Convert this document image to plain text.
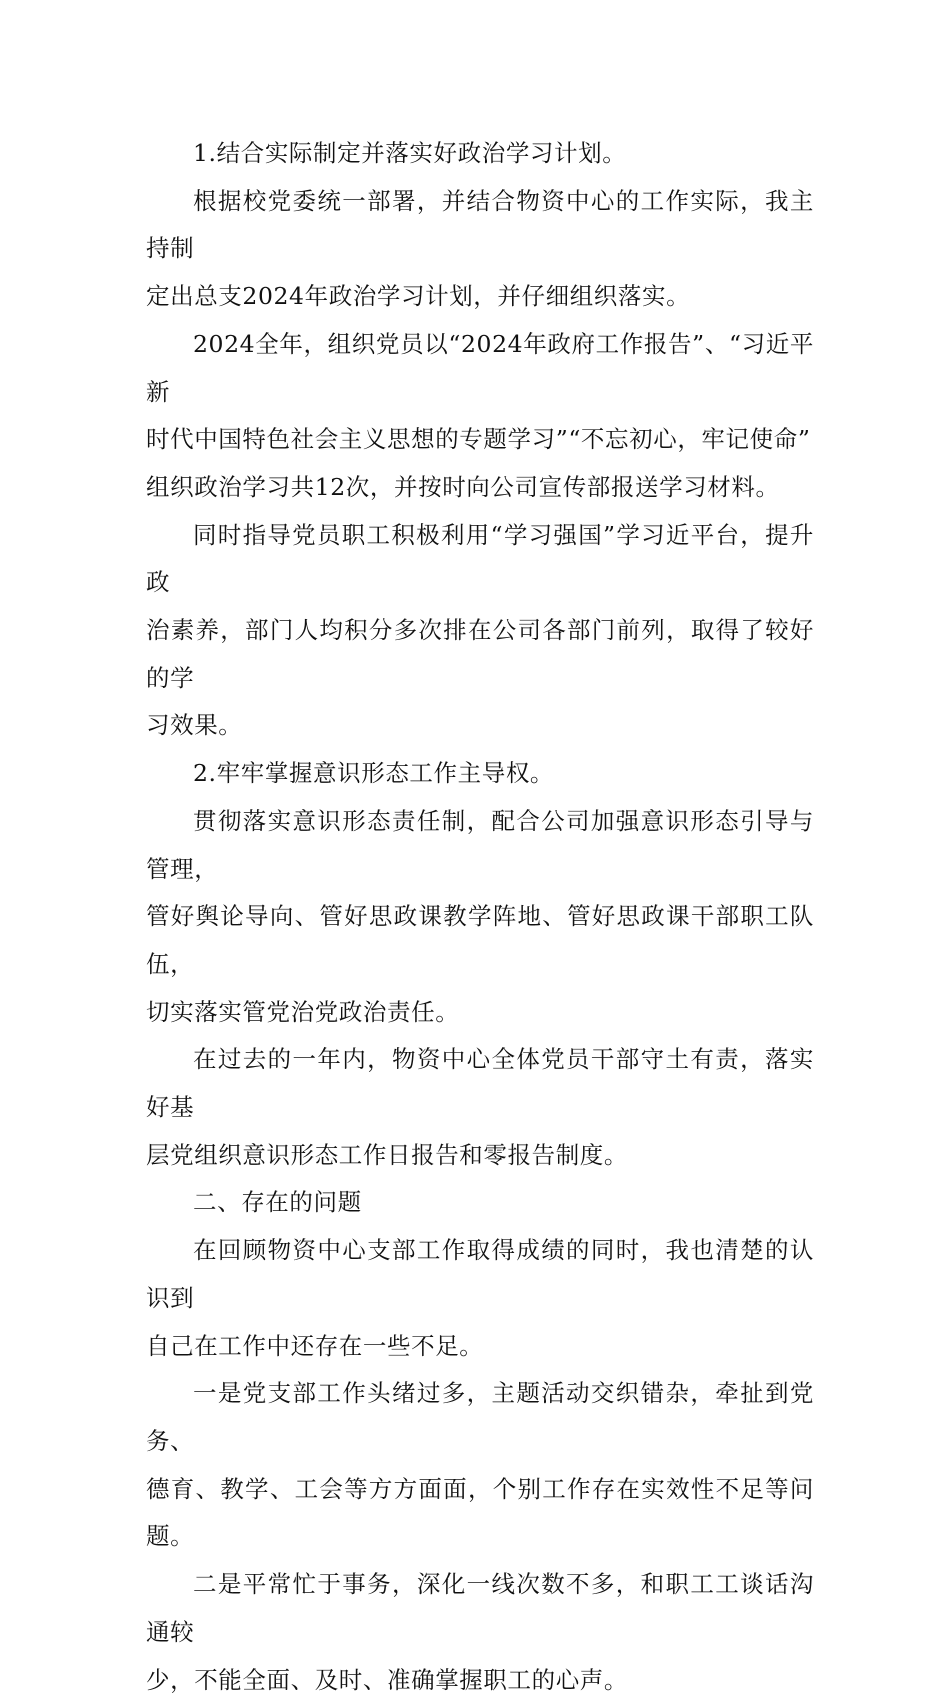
1.结合实际制定并落实好政治学习计划。

根据校党委统一部署，并结合物资中心的工作实际，我主持制
定出总支2024年政治学习计划，并仔细组织落实。

2024全年，组织党员以“2024年政府工作报告”、“习近平新
时代中国特色社会主义思想的专题学习”“不忘初心，牢记使命”
组织政治学习共12次，并按时向公司宣传部报送学习材料。

同时指导党员职工积极利用“学习强国”学习近平台，提升政
治素养，部门人均积分多次排在公司各部门前列，取得了较好的学
习效果。

2.牢牢掌握意识形态工作主导权。

贯彻落实意识形态责任制，配合公司加强意识形态引导与管理，
管好舆论导向、管好思政课教学阵地、管好思政课干部职工队伍，
切实落实管党治党政治责任。

在过去的一年内，物资中心全体党员干部守土有责，落实好基
层党组织意识形态工作日报告和零报告制度。

二、存在的问题

在回顾物资中心支部工作取得成绩的同时，我也清楚的认识到
自己在工作中还存在一些不足。

一是党支部工作头绪过多，主题活动交织错杂，牵扯到党务、
德育、教学、工会等方方面面，个别工作存在实效性不足等问题。

二是平常忙于事务，深化一线次数不多，和职工工谈话沟通较
少，不能全面、及时、准确掌握职工的心声。
